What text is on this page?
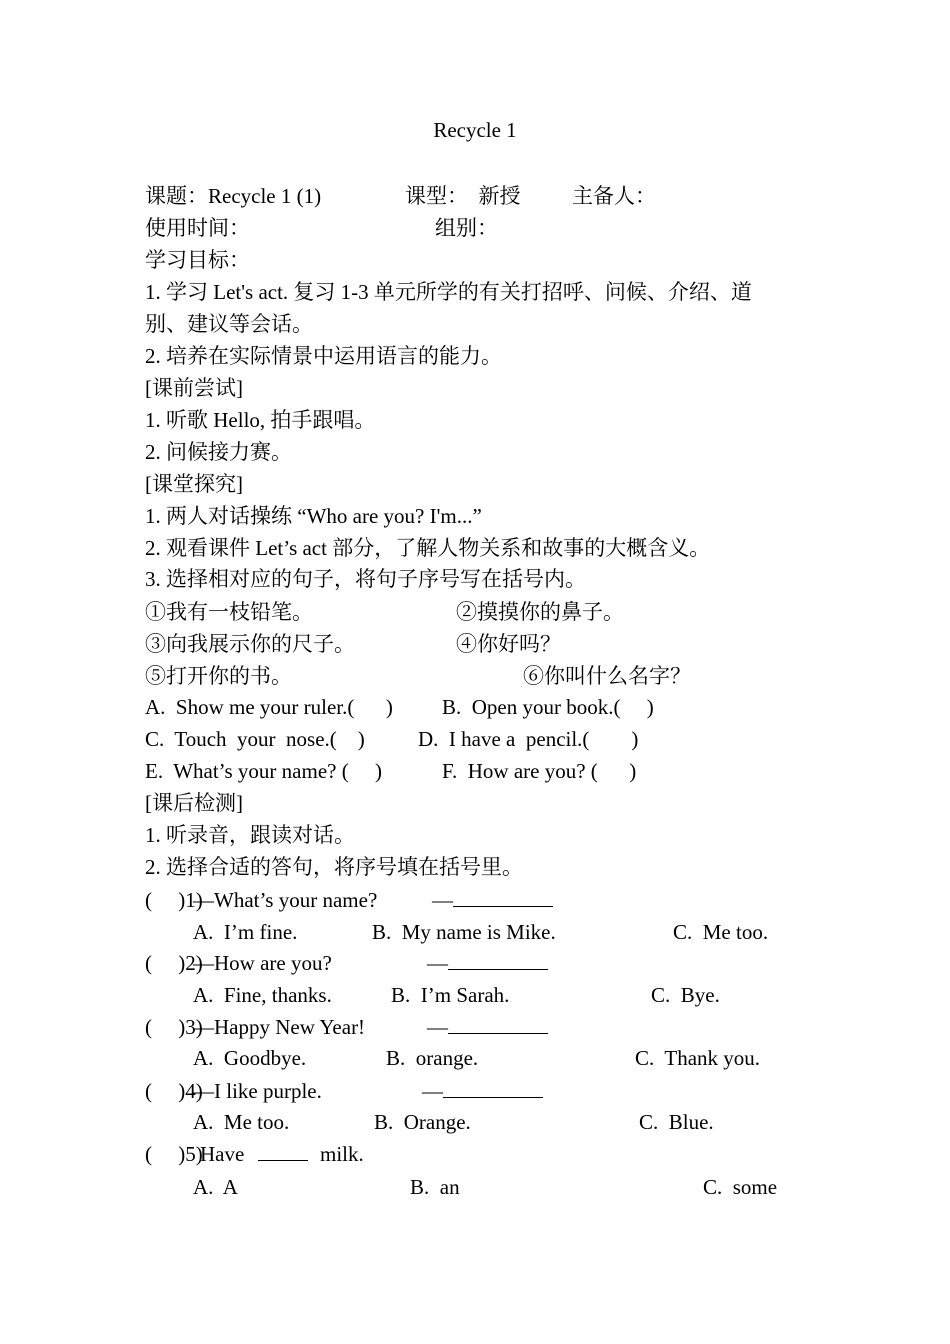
Recycle 1
课题：Recycle 1 (1)	课型：  新授 主备人：
使用时间：	组别：
学习目标：
1. 学习 Let's act. 复习 1-3 单元所学的有关打招呼、问候、介绍、道
别、建议等会话。
2. 培养在实际情景中运用语言的能力。
[课前尝试]
1. 听歌 Hello, 拍手跟唱。
2. 问候接力赛。
[课堂探究]
1. 两人对话操练 “Who are you? I'm...”
2. 观看课件 Let’s act 部分，了解人物关系和故事的大概含义。
3. 选择相对应的句子，将句子序号写在括号内。
①我有一枝铅笔。	②摸摸你的鼻子。
③向我展示你的尺子。	④你好吗？
⑤打开你的书。	⑥你叫什么名字？
A.  Show me your ruler.(      ) B.  Open your book.(     )
C.  Touch  your  nose.(    )	D.  I have a  pencil.(        )
E.  What’s your name? (     )	F.  How are you? (      )
[课后检测]
1. 听录音，跟读对话。
2. 选择合适的答句，将序号填在括号里。
(     )1)
—What’s your name?	—
A.  I’m fine.	B.  My name is Mike.	C.  Me too.
(     )2)
—How are you?	—
A.  Fine, thanks.	B.  I’m Sarah.	C.  Bye.
(     )3)
—Happy New Year!	—
A.  Goodbye.	B.  orange.	C.  Thank you.
(     )4)
—I like purple.	—
A.  Me too.	B.  Orange.	C.  Blue.
(     )5)
Have	milk.
A.  A	B.  an	C.  some
